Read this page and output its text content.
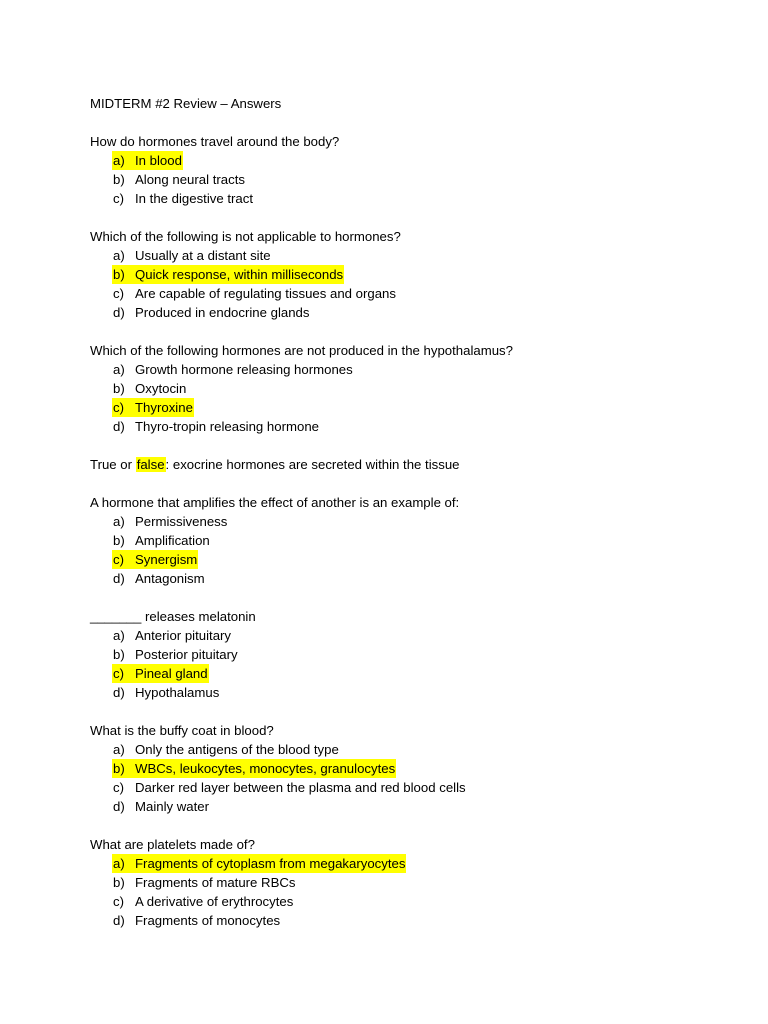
MIDTERM #2 Review – Answers
How do hormones travel around the body?
a) In blood
b) Along neural tracts
c) In the digestive tract
Which of the following is not applicable to hormones?
a) Usually at a distant site
b) Quick response, within milliseconds
c) Are capable of regulating tissues and organs
d) Produced in endocrine glands
Which of the following hormones are not produced in the hypothalamus?
a) Growth hormone releasing hormones
b) Oxytocin
c) Thyroxine
d) Thyro-tropin releasing hormone
True or false: exocrine hormones are secreted within the tissue
A hormone that amplifies the effect of another is an example of:
a) Permissiveness
b) Amplification
c) Synergism
d) Antagonism
_______ releases melatonin
a) Anterior pituitary
b) Posterior pituitary
c) Pineal gland
d) Hypothalamus
What is the buffy coat in blood?
a) Only the antigens of the blood type
b) WBCs, leukocytes, monocytes, granulocytes
c) Darker red layer between the plasma and red blood cells
d) Mainly water
What are platelets made of?
a) Fragments of cytoplasm from megakaryocytes
b) Fragments of mature RBCs
c) A derivative of erythrocytes
d) Fragments of monocytes
